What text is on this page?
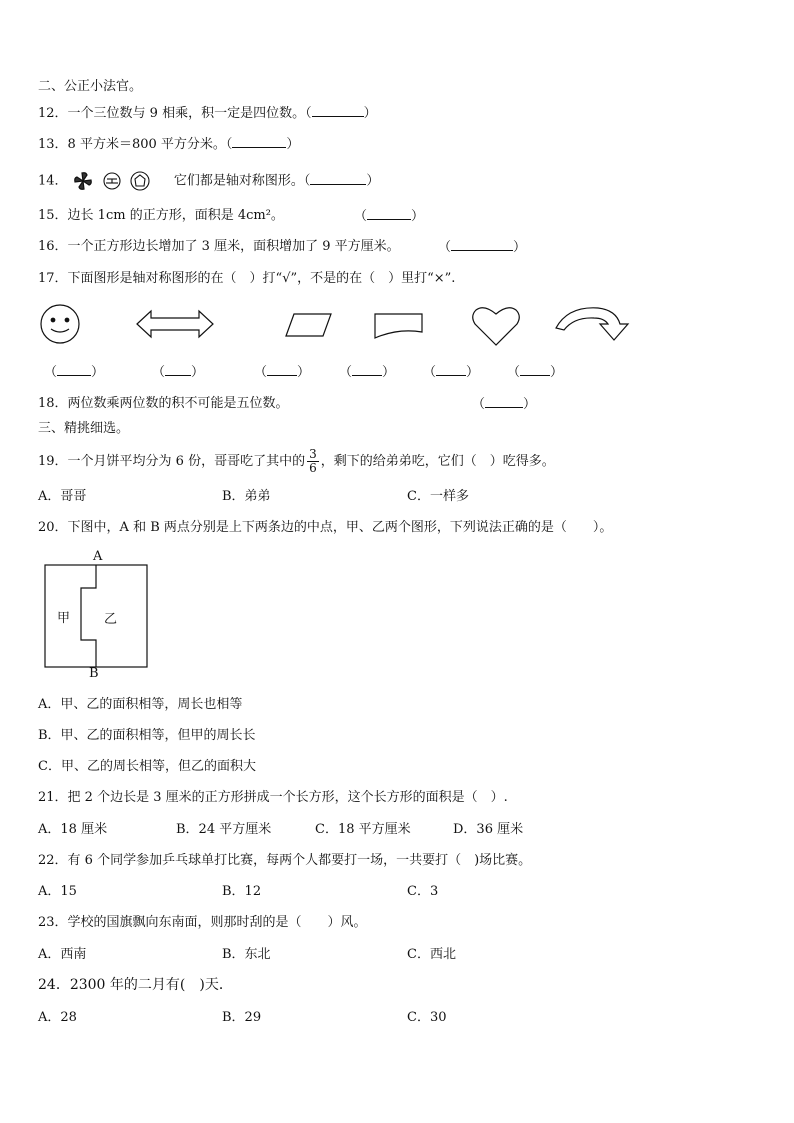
二、公正小法官。
12．一个三位数与 9 相乘，积一定是四位数。（	）
13．8 平方米＝800 平方分米。（	）
14．	它们都是轴对称图形。（	）
15．边长 1cm 的正方形，面积是 4cm²。	（	）
16．一个正方形边长增加了 3 厘米，面积增加了 9 平方厘米。	（	）
17．下面图形是轴对称图形的在（　）打“√”，不是的在（　）里打“×”.
（	）	（ ）	（ ） （ ） （ ） （ ）
18．两位数乘两位数的积不可能是五位数。	（	）
三、精挑细选。
19．一个月饼平均分为 6 份，哥哥吃了其中的 $\frac{3}{6}$ ，剩下的给弟弟吃，它们（　）吃得多。
A．哥哥	B．弟弟	C．一样多
20．下图中，A 和 B 两点分别是上下两条边的中点，甲、乙两个图形，下列说法正确的是（　　）。
A
B
甲	乙
A．甲、乙的面积相等，周长也相等
B．甲、乙的面积相等，但甲的周长长
C．甲、乙的周长相等，但乙的面积大
21．把 2 个边长是 3 厘米的正方形拼成一个长方形，这个长方形的面积是（　）.
A．18 厘米	B．24 平方厘米	C．18 平方厘米	D．36 厘米
22．有 6 个同学参加乒乓球单打比赛，每两个人都要打一场，一共要打（　)场比赛。
A．15	B．12	C．3
23．学校的国旗飘向东南面，则那时刮的是（　　）风。
A．西南	B．东北	C．西北
24．2300 年的二月有(　)天．
A．28	B．29	C．30
